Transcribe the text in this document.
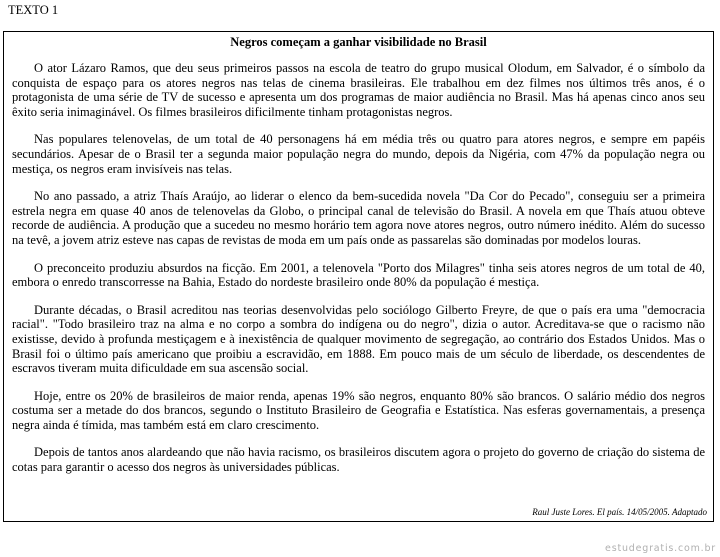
TEXTO 1
Negros começam a ganhar visibilidade no Brasil

O ator Lázaro Ramos, que deu seus primeiros passos na escola de teatro do grupo musical Olodum, em Salvador, é o símbolo da conquista de espaço para os atores negros nas telas de cinema brasileiras. Ele trabalhou em dez filmes nos últimos três anos, é o protagonista de uma série de TV de sucesso e apresenta um dos programas de maior audiência no Brasil. Mas há apenas cinco anos seu êxito seria inimaginável. Os filmes brasileiros dificilmente tinham protagonistas negros.

Nas populares telenovelas, de um total de 40 personagens há em média três ou quatro para atores negros, e sempre em papéis secundários. Apesar de o Brasil ter a segunda maior população negra do mundo, depois da Nigéria, com 47% da população negra ou mestiça, os negros eram invisíveis nas telas.

No ano passado, a atriz Thaís Araújo, ao liderar o elenco da bem-sucedida novela "Da Cor do Pecado", conseguiu ser a primeira estrela negra em quase 40 anos de telenovelas da Globo, o principal canal de televisão do Brasil. A novela em que Thaís atuou obteve recorde de audiência. A produção que a sucedeu no mesmo horário tem agora nove atores negros, outro número inédito. Além do sucesso na tevê, a jovem atriz esteve nas capas de revistas de moda em um país onde as passarelas são dominadas por modelos louras.

O preconceito produziu absurdos na ficção. Em 2001, a telenovela "Porto dos Milagres" tinha seis atores negros de um total de 40, embora o enredo transcorresse na Bahia, Estado do nordeste brasileiro onde 80% da população é mestiça.

Durante décadas, o Brasil acreditou nas teorias desenvolvidas pelo sociólogo Gilberto Freyre, de que o país era uma "democracia racial". "Todo brasileiro traz na alma e no corpo a sombra do indígena ou do negro", dizia o autor. Acreditava-se que o racismo não existisse, devido à profunda mestiçagem e à inexistência de qualquer movimento de segregação, ao contrário dos Estados Unidos. Mas o Brasil foi o último país americano que proibiu a escravidão, em 1888. Em pouco mais de um século de liberdade, os descendentes de escravos tiveram muita dificuldade em sua ascensão social.

Hoje, entre os 20% de brasileiros de maior renda, apenas 19% são negros, enquanto 80% são brancos. O salário médio dos negros costuma ser a metade do dos brancos, segundo o Instituto Brasileiro de Geografia e Estatística. Nas esferas governamentais, a presença negra ainda é tímida, mas também está em claro crescimento.

Depois de tantos anos alardeando que não havia racismo, os brasileiros discutem agora o projeto do governo de criação do sistema de cotas para garantir o acesso dos negros às universidades públicas.

Raul Juste Lores. El país. 14/05/2005. Adaptado
estudegratis.com.br
